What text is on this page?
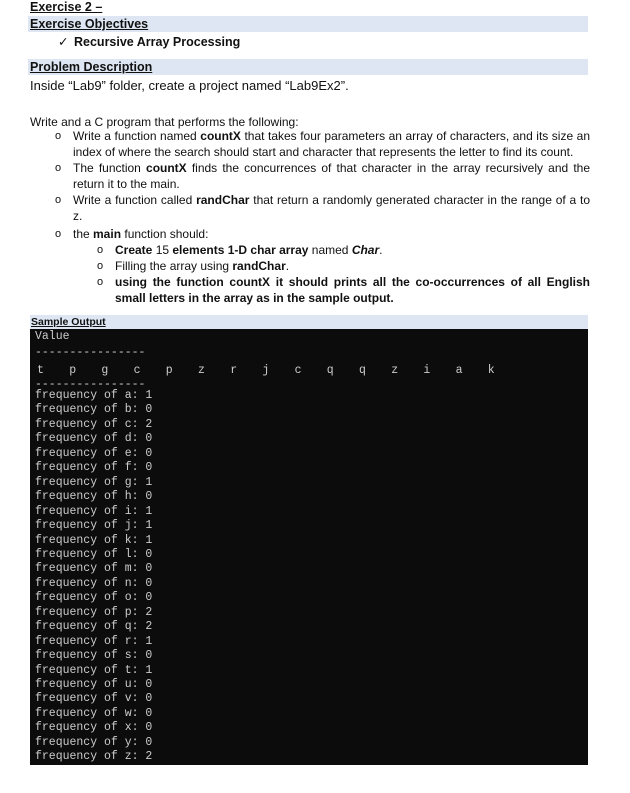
Exercise 2 –
Exercise Objectives
✓ Recursive Array Processing
Problem Description
Inside “Lab9” folder, create a project named “Lab9Ex2”.
Write and a C program that performs the following:
o Write a function named countX that takes four parameters an array of characters, and its size an index of where the search should start and character that represents the letter to find its count.
o The function countX finds the concurrences of that character in the array recursively and the return it to the main.
o Write a function called randChar that return a randomly generated character in the range of a to z.
o the main function should:
o Create 15 elements 1-D char array named Char.
o Filling the array using randChar.
o using the function countX it should prints all the co-occurrences of all English small letters in the array as in the sample output.
Sample Output
Value
----------------
t p g c p z r j c q q z i a k
----------------
frequency of a: 1
frequency of b: 0
frequency of c: 2
frequency of d: 0
frequency of e: 0
frequency of f: 0
frequency of g: 1
frequency of h: 0
frequency of i: 1
frequency of j: 1
frequency of k: 1
frequency of l: 0
frequency of m: 0
frequency of n: 0
frequency of o: 0
frequency of p: 2
frequency of q: 2
frequency of r: 1
frequency of s: 0
frequency of t: 1
frequency of u: 0
frequency of v: 0
frequency of w: 0
frequency of x: 0
frequency of y: 0
frequency of z: 2
